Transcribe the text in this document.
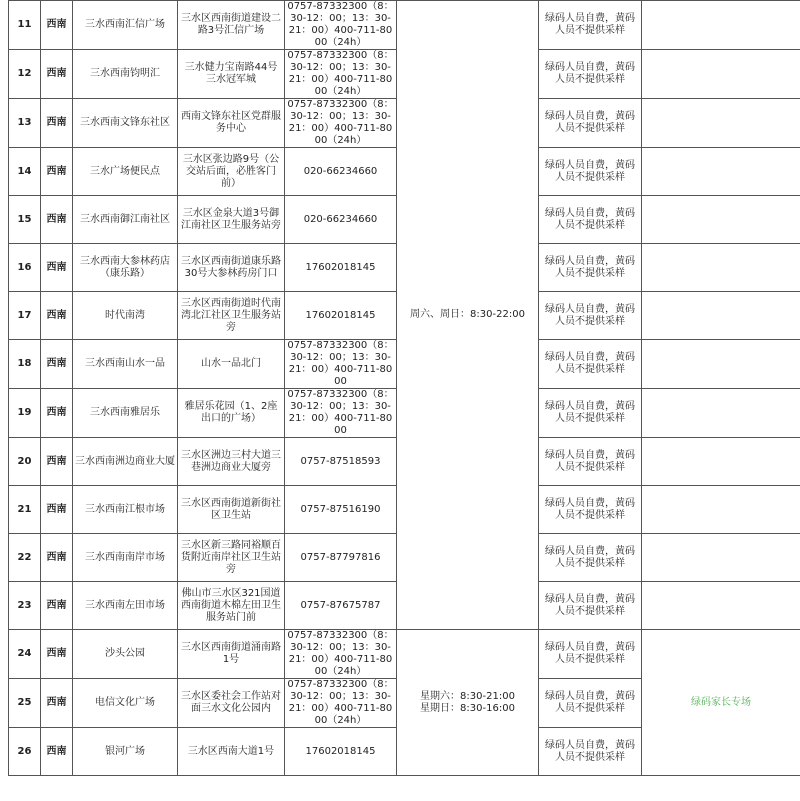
11	西南	三水西南汇信广场	三水区西南街道建设二路3号汇信广场	0757-87332300（8：30-12：00；13：30-21：00）400-711-8000（24h）	周六、周日：8:30-22:00	绿码人员自费，黄码人员不提供采样	
12	西南	三水西南钧明汇	三水健力宝南路44号三水冠军城	0757-87332300（8：30-12：00；13：30-21：00）400-711-8000（24h）		绿码人员自费，黄码人员不提供采样	
13	西南	三水西南文锋东社区	西南文锋东社区党群服务中心	0757-87332300（8：30-12：00；13：30-21：00）400-711-8000（24h）		绿码人员自费，黄码人员不提供采样	
14	西南	三水广场便民点	三水区张边路9号（公交站后面，必胜客门前）	020-66234660		绿码人员自费，黄码人员不提供采样	
15	西南	三水西南御江南社区	三水区金泉大道3号御江南社区卫生服务站旁	020-66234660		绿码人员自费，黄码人员不提供采样	
16	西南	三水西南大参林药店（康乐路）	三水区西南街道康乐路30号大参林药房门口	17602018145		绿码人员自费，黄码人员不提供采样	
17	西南	时代南湾	三水区西南街道时代南湾北江社区卫生服务站旁	17602018145		绿码人员自费，黄码人员不提供采样	
18	西南	三水西南山水一品	山水一品北门	0757-87332300（8：30-12：00；13：30-21：00）400-711-8000		绿码人员自费，黄码人员不提供采样	
19	西南	三水西南雅居乐	雅居乐花园（1、2座出口的广场）	0757-87332300（8：30-12：00；13：30-21：00）400-711-8000		绿码人员自费，黄码人员不提供采样	
20	西南	三水西南洲边商业大厦	三水区洲边三村大道三巷洲边商业大厦旁	0757-87518593		绿码人员自费，黄码人员不提供采样	
21	西南	三水西南江根市场	三水区西南街道新街社区卫生站	0757-87516190		绿码人员自费，黄码人员不提供采样	
22	西南	三水西南南岸市场	三水区新三路同裕顺百货附近南岸社区卫生站旁	0757-87797816		绿码人员自费，黄码人员不提供采样	
23	西南	三水西南左田市场	佛山市三水区321国道西南街道木棉左田卫生服务站门前	0757-87675787		绿码人员自费，黄码人员不提供采样	
24	西南	沙头公园	三水区西南街道涌南路1号	0757-87332300（8：30-12：00；13：30-21：00）400-711-8000（24h）	星期六：8:30-21:00
星期日：8:30-16:00	绿码人员自费，黄码人员不提供采样	绿码家长专场
25	西南	电信文化广场	三水区委社会工作站对面三水文化公园内	0757-87332300（8：30-12：00；13：30-21：00）400-711-8000（24h）		绿码人员自费，黄码人员不提供采样	
26	西南	银河广场	三水区西南大道1号	17602018145		绿码人员自费，黄码人员不提供采样	
